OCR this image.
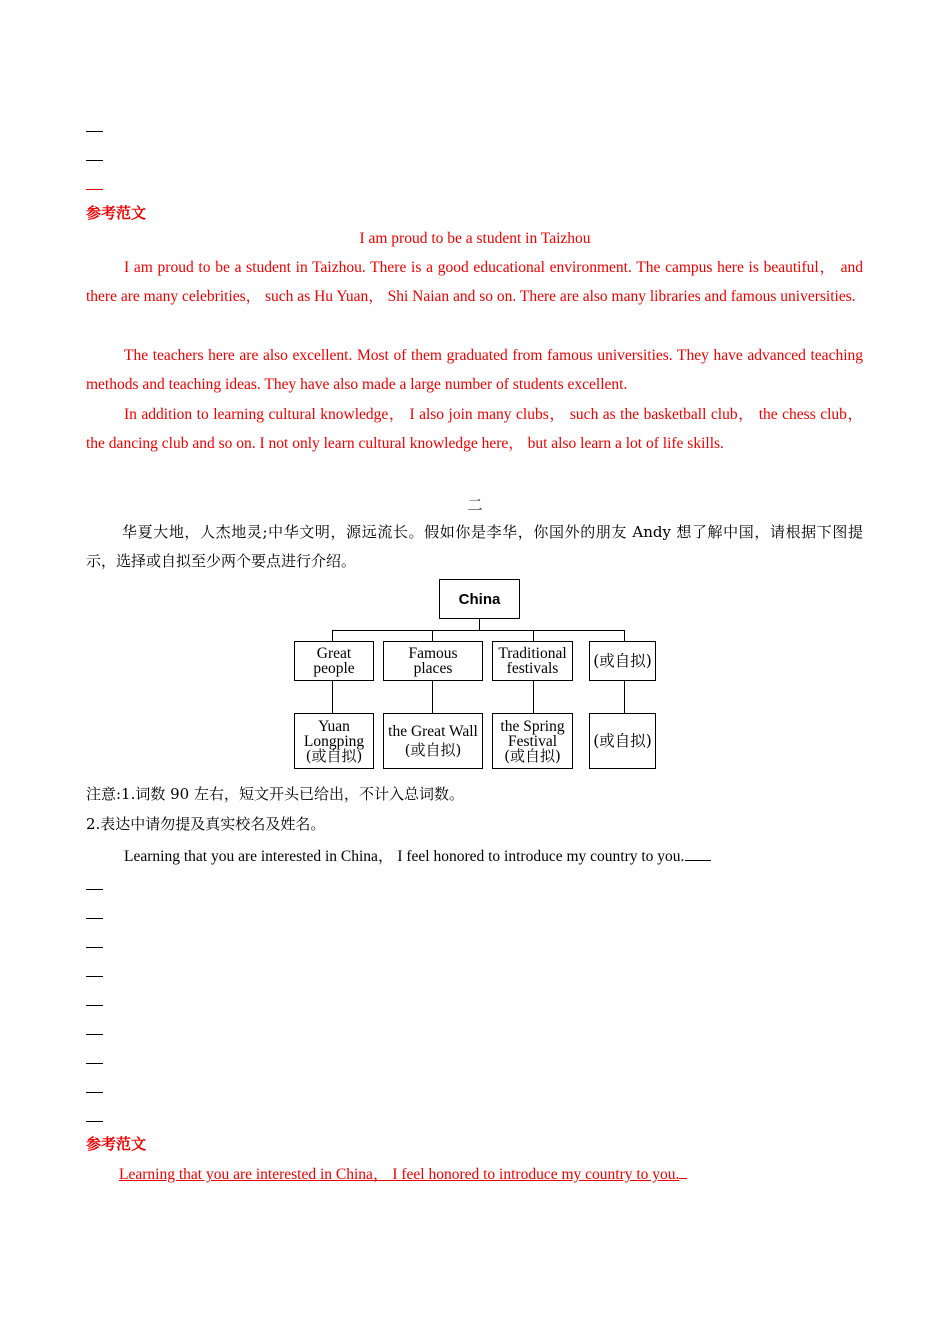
参考范文
I am proud to be a student in Taizhou
I am proud to be a student in Taizhou. There is a good educational environment. The campus here is beautiful， and there are many celebrities， such as Hu Yuan， Shi Naian and so on. There are also many libraries and famous universities.
The teachers here are also excellent. Most of them graduated from famous universities. They have advanced teaching methods and teaching ideas. They have also made a large number of students excellent.
In addition to learning cultural knowledge， I also join many clubs， such as the basketball club， the chess club， the dancing club and so on. I not only learn cultural knowledge here， but also learn a lot of life skills.
二
华夏大地，人杰地灵;中华文明，源远流长。假如你是李华，你国外的朋友 Andy 想了解中国，请根据下图提示，选择或自拟至少两个要点进行介绍。
China
Great
people
Famous
places
Traditional
festivals (或自拟)
Yuan
Longping
(或自拟)
the Great Wall
(或自拟)
the Spring
Festival
(或自拟)
(或自拟)
注意:1.词数 90 左右，短文开头已给出，不计入总词数。
2.表达中请勿提及真实校名及姓名。
Learning that you are interested in China， I feel honored to introduce my country to you.
参考范文
Learning that you are interested in China， I feel honored to introduce my country to you.
